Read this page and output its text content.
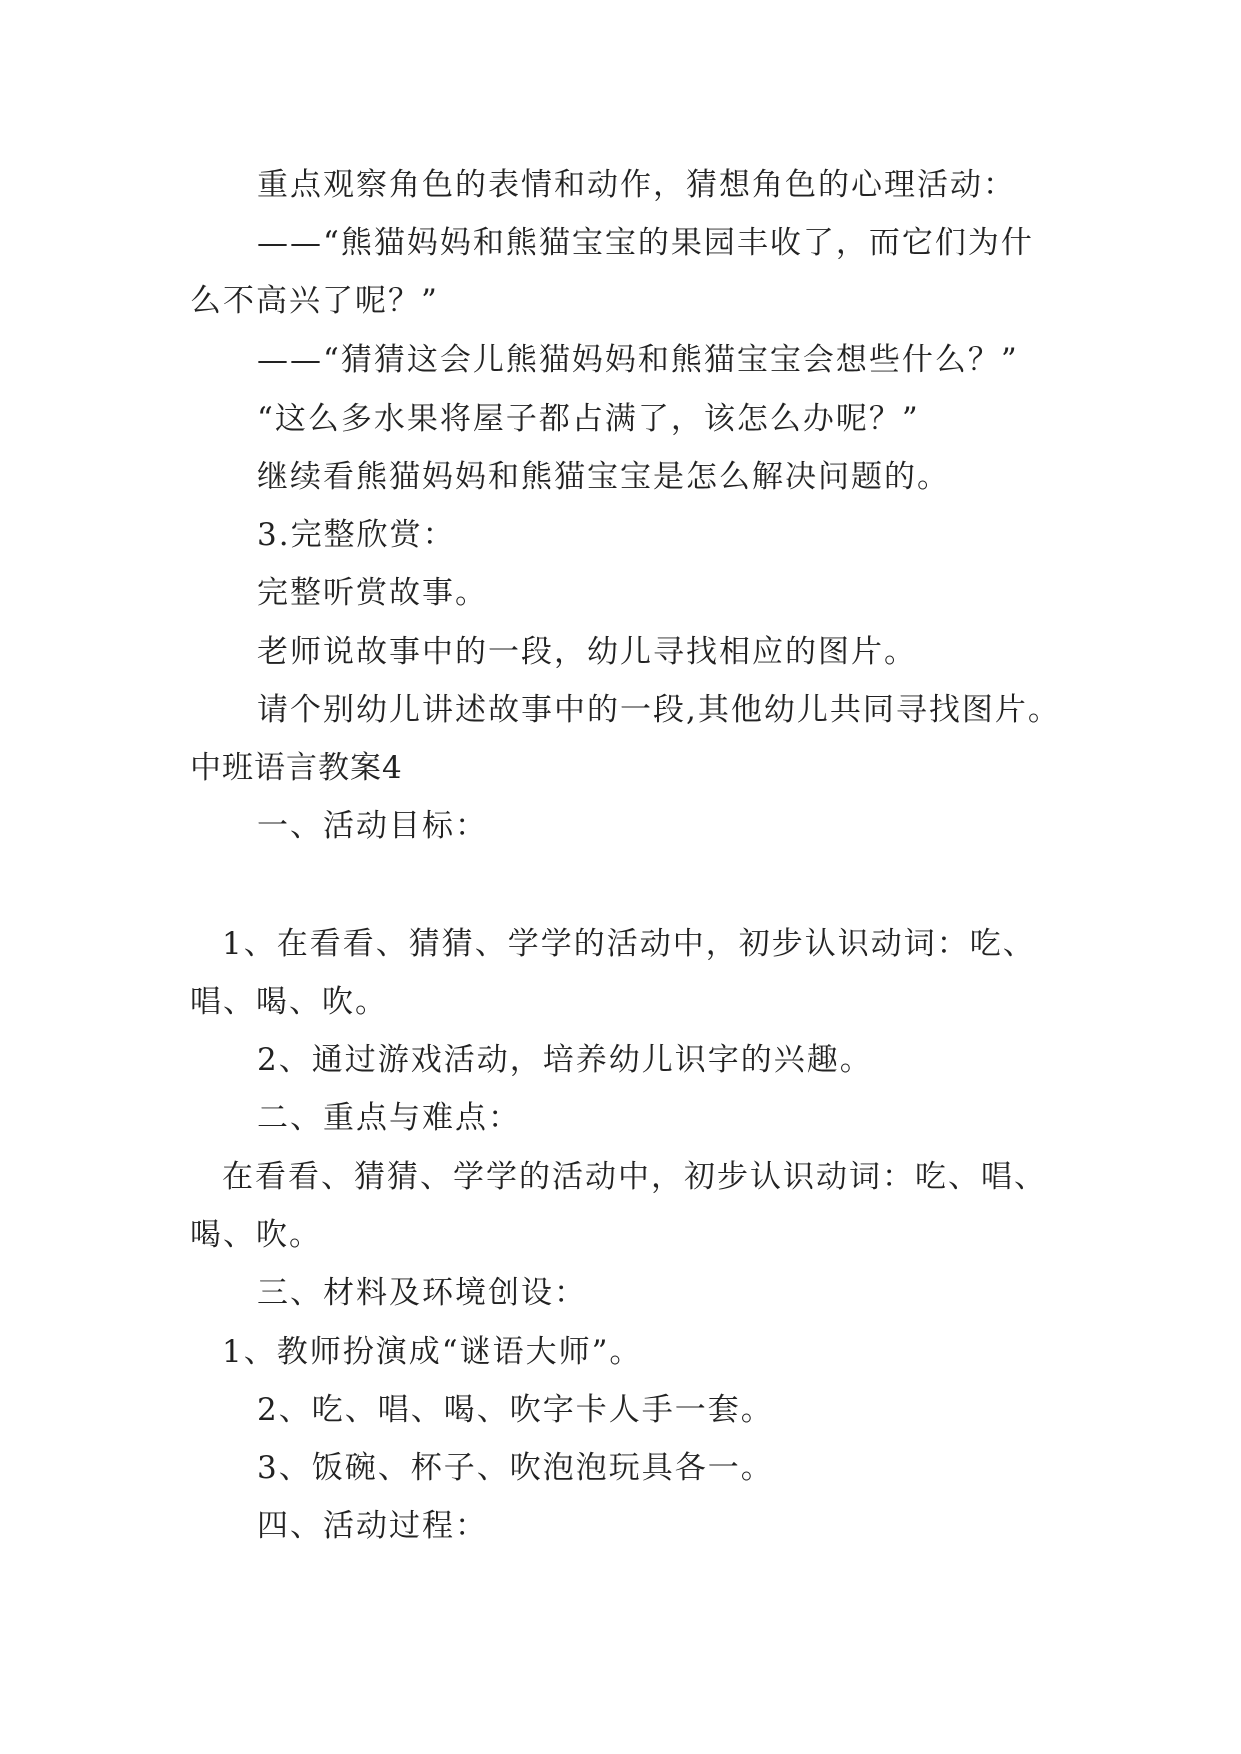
重点观察角色的表情和动作，猜想角色的心理活动：
——“熊猫妈妈和熊猫宝宝的果园丰收了，而它们为什
么不高兴了呢？”
——“猜猜这会儿熊猫妈妈和熊猫宝宝会想些什么？”
“这么多水果将屋子都占满了，该怎么办呢？”
继续看熊猫妈妈和熊猫宝宝是怎么解决问题的。
3.完整欣赏：
完整听赏故事。
老师说故事中的一段，幼儿寻找相应的图片。
请个别幼儿讲述故事中的一段,其他幼儿共同寻找图片。
中班语言教案4
一、活动目标：
1、在看看、猜猜、学学的活动中，初步认识动词：吃、
唱、喝、吹。
2、通过游戏活动，培养幼儿识字的兴趣。
二、重点与难点：
在看看、猜猜、学学的活动中，初步认识动词：吃、唱、
喝、吹。
三、材料及环境创设：
1、教师扮演成“谜语大师”。
2、吃、唱、喝、吹字卡人手一套。
3、饭碗、杯子、吹泡泡玩具各一。
四、活动过程：
